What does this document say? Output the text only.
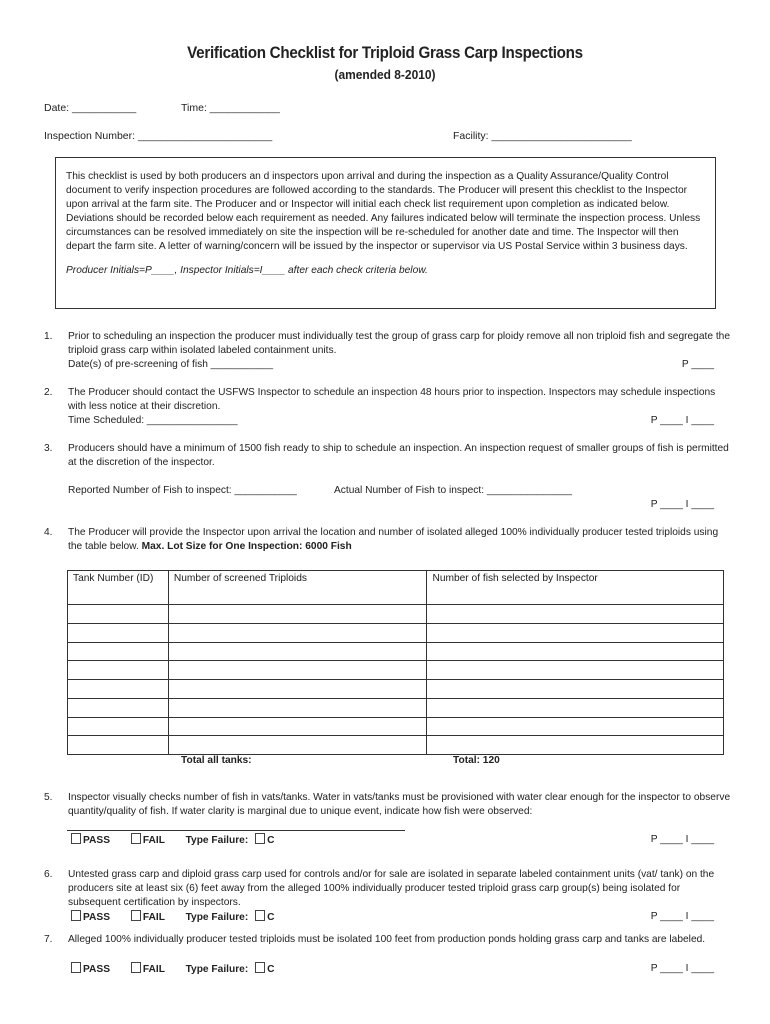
Verification Checklist for Triploid Grass Carp Inspections
(amended 8-2010)
Date: ___________	Time: ____________
Inspection Number: _______________________	Facility: ________________________
This checklist is used by both producers an d inspectors upon arrival and during the inspection as a Quality Assurance/Quality Control document to verify inspection procedures are followed according to the standards. The Producer will present this checklist to the Inspector upon arrival at the farm site. The Producer and or Inspector will initial each check list requirement upon completion as indicated below. Deviations should be recorded below each requirement as needed. Any failures indicated below will terminate the inspection process. Unless circumstances can be resolved immediately on site the inspection will be re-scheduled for another date and time. The Inspector will then depart the farm site. A letter of warning/concern will be issued by the inspector or supervisor via US Postal Service within 3 business days.
Producer Initials=P____, Inspector Initials=I____ after each check criteria below.
1. Prior to scheduling an inspection the producer must individually test the group of grass carp for ploidy remove all non triploid fish and segregate the triploid grass carp within isolated labeled containment units.
Date(s) of pre-screening of fish ___________	P ____
2. The Producer should contact the USFWS Inspector to schedule an inspection 48 hours prior to inspection. Inspectors may schedule inspections with less notice at their discretion.
Time Scheduled: ________________	P ____ I ____
3. Producers should have a minimum of 1500 fish ready to ship to schedule an inspection. An inspection request of smaller groups of fish is permitted at the discretion of the inspector.
Reported Number of Fish to inspect: ___________	Actual Number of Fish to inspect: _______________
P ____ I ____
4. The Producer will provide the Inspector upon arrival the location and number of isolated alleged 100% individually producer tested triploids using the table below. Max. Lot Size for One Inspection: 6000 Fish
Tank Number (ID)	Number of screened Triploids	Number of fish selected by Inspector

Total all tanks:	Total: 120
5. Inspector visually checks number of fish in vats/tanks. Water in vats/tanks must be provisioned with water clear enough for the inspector to observe quantity/quality of fish. If water clarity is marginal due to unique event, indicate how fish were observed:
P ____ I ____
PASS	FAIL Type Failure: C
6. Untested grass carp and diploid grass carp used for controls and/or for sale are isolated in separate labeled containment units (vat/ tank) on the producers site at least six (6) feet away from the alleged 100% individually producer tested triploid grass carp group(s) being isolated for subsequent certification by inspectors.
P ____ I ____
PASS	FAIL Type Failure: C
7. Alleged 100% individually producer tested triploids must be isolated 100 feet from production ponds holding grass carp and tanks are labeled.
P ____ I ____
PASS	FAIL Type Failure: C
